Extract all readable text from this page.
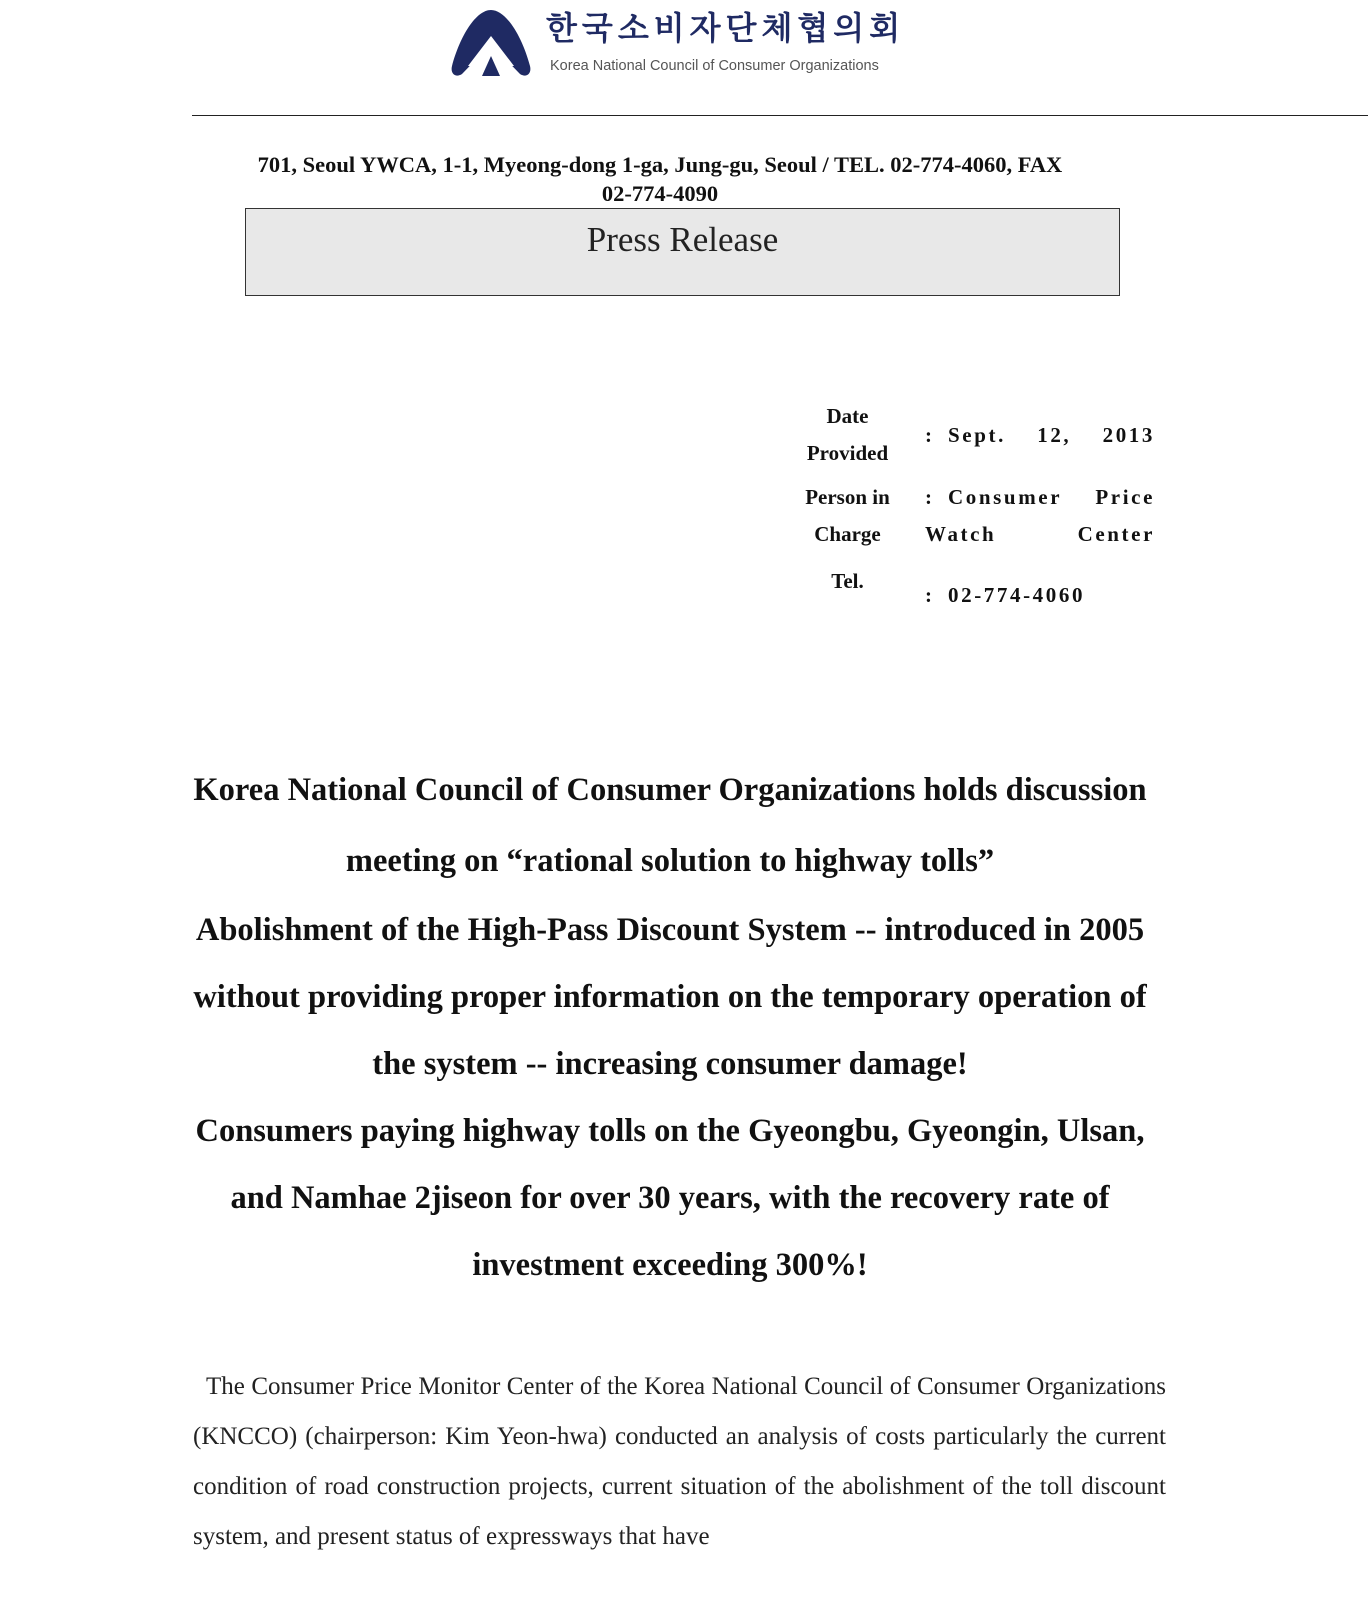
한국소비자단체협의회
Korea National Council of Consumer Organizations
701, Seoul YWCA, 1-1, Myeong-dong 1-ga, Jung-gu, Seoul / TEL. 02-774-4060, FAX
02-774-4090
Press Release
Date
Provided
: Sept. 12, 2013
Person in
Charge
: Consumer Price
Watch Center
Tel.
: 02-774-4060
Korea National Council of Consumer Organizations holds discussion
meeting on “rational solution to highway tolls”
Abolishment of the High-Pass Discount System -- introduced in 2005
without providing proper information on the temporary operation of
the system -- increasing consumer damage!
Consumers paying highway tolls on the Gyeongbu, Gyeongin, Ulsan,
and Namhae 2jiseon for over 30 years, with the recovery rate of
investment exceeding 300%!

The Consumer Price Monitor Center of the Korea National Council of Consumer Organizations (KNCCO) (chairperson: Kim Yeon-hwa) conducted an analysis of costs particularly the current condition of road construction projects, current situation of the abolishment of the toll discount system, and present status of expressways that have
